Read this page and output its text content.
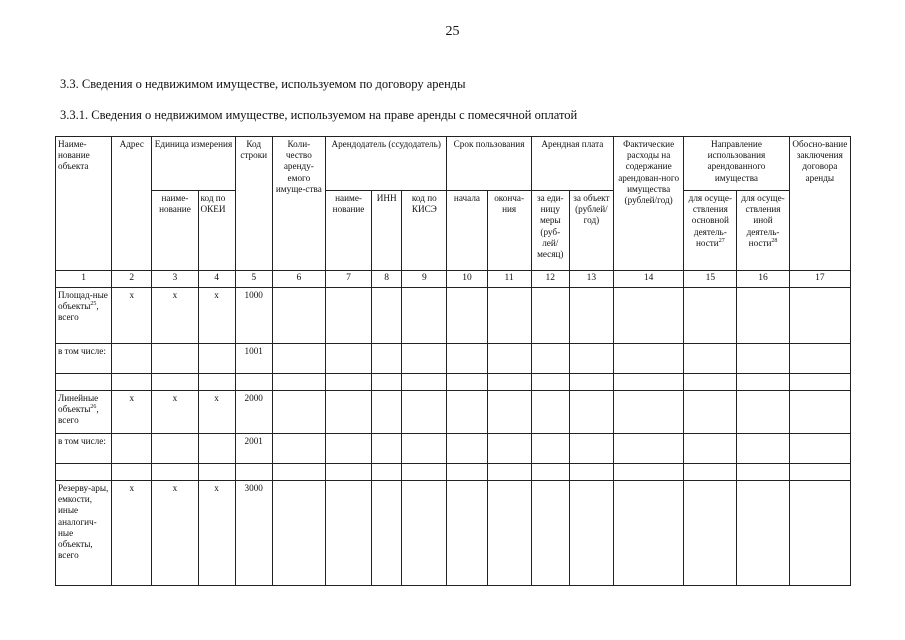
25
3.3. Сведения о недвижимом имуществе, используемом по договору аренды
3.3.1. Сведения о недвижимом имуществе, используемом на праве аренды с помесячной оплатой
Наиме-нование объекта	Адрес	Единица измерения		Код строки	Коли-чество аренду-емого имуще-ства	Арендодатель (ссудодатель)			Срок пользования		Арендная плата		Фактические расходы на содержание арендован-ного имущества (рублей/год)	Направление использования арендованного имущества		Обосно-вание заключения договора аренды
		наиме-нование	код по ОКЕИ			наиме-нование	ИНН	код по КИСЭ	начала	оконча-ния	за еди-ницу меры (руб-лей/ месяц)	за объект (рублей/ год)		для осуще-ствления основной деятель-ности$^{27}$	для осуще-ствления иной деятель-ности$^{28}$
1	2	3	4	5	6	7	8	9	10	11	12	13	14	15	16	17
Площад-ные объекты$^{25}$, всего	х	х	х	1000												
в том числе:				1001												

Линейные объекты$^{26}$, всего	х	х	х	2000												
в том числе:				2001												

Резерву-ары, емкости, иные аналогич-ные объекты, всего	х	х	х	3000												
